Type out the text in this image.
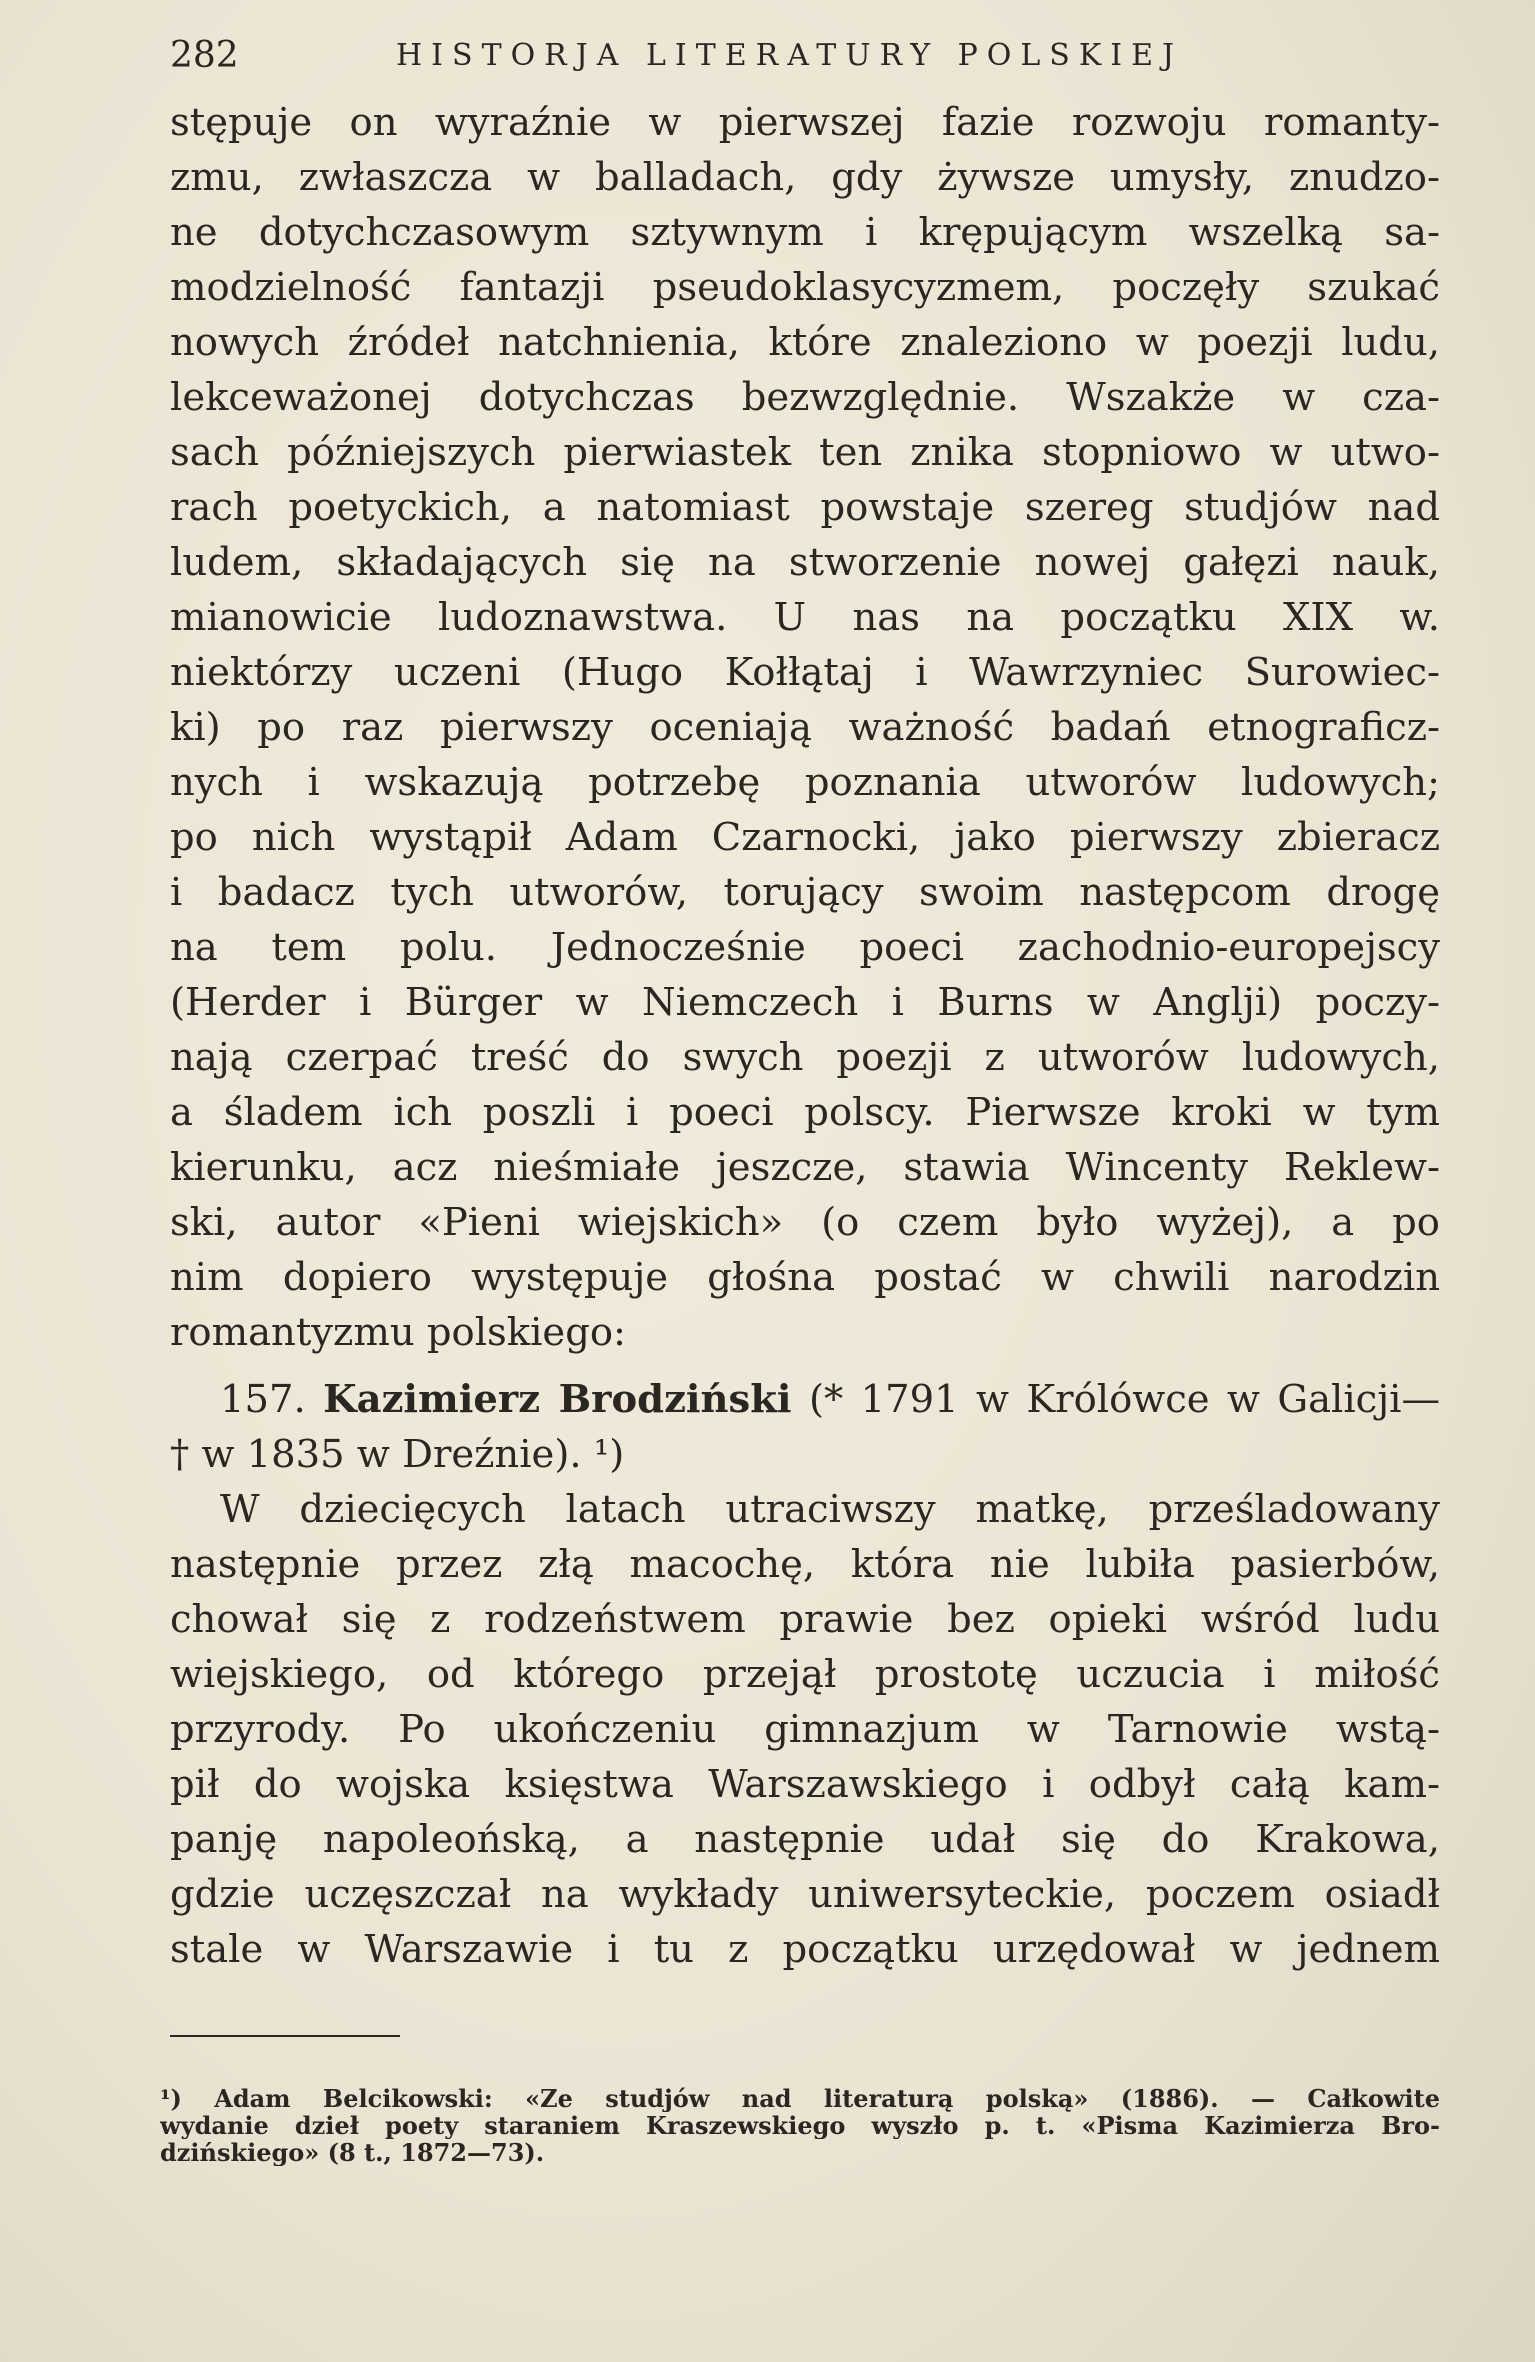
282	HISTORJA LITERATURY POLSKIEJ
stępuje on wyraźnie w pierwszej fazie rozwoju romanty-
zmu, zwłaszcza w balladach, gdy żywsze umysły, znudzo-
ne dotychczasowym sztywnym i krępującym wszelką sa-
modzielność fantazji pseudoklasycyzmem, poczęły szukać
nowych źródeł natchnienia, które znaleziono w poezji ludu,
lekceważonej dotychczas bezwzględnie. Wszakże w cza-
sach późniejszych pierwiastek ten znika stopniowo w utwo-
rach poetyckich, a natomiast powstaje szereg studjów nad
ludem, składających się na stworzenie nowej gałęzi nauk,
mianowicie ludoznawstwa. U nas na początku XIX w.
niektórzy uczeni (Hugo Kołłątaj i Wawrzyniec Surowiec-
ki) po raz pierwszy oceniają ważność badań etnograficz-
nych i wskazują potrzebę poznania utworów ludowych;
po nich wystąpił Adam Czarnocki, jako pierwszy zbieracz
i badacz tych utworów, torujący swoim następcom drogę
na tem polu. Jednocześnie poeci zachodnio-europejscy
(Herder i Bürger w Niemczech i Burns w Anglji) poczy-
nają czerpać treść do swych poezji z utworów ludowych,
a śladem ich poszli i poeci polscy. Pierwsze kroki w tym
kierunku, acz nieśmiałe jeszcze, stawia Wincenty Reklew-
ski, autor «Pieni wiejskich» (o czem było wyżej), a po
nim dopiero występuje głośna postać w chwili narodzin
romantyzmu polskiego:
157. Kazimierz Brodziński (* 1791 w Królówce w Galicji—
† w 1835 w Dreźnie). ¹)
W dziecięcych latach utraciwszy matkę, prześladowany
następnie przez złą macochę, która nie lubiła pasierbów,
chował się z rodzeństwem prawie bez opieki wśród ludu
wiejskiego, od którego przejął prostotę uczucia i miłość
przyrody. Po ukończeniu gimnazjum w Tarnowie wstą-
pił do wojska księstwa Warszawskiego i odbył całą kam-
panję napoleońską, a następnie udał się do Krakowa,
gdzie uczęszczał na wykłady uniwersyteckie, poczem osiadł
stale w Warszawie i tu z początku urzędował w jednem
¹) Adam Belcikowski: «Ze studjów nad literaturą polską» (1886). — Całkowite
wydanie dzieł poety staraniem Kraszewskiego wyszło p. t. «Pisma Kazimierza Bro-
dzińskiego» (8 t., 1872—73).
